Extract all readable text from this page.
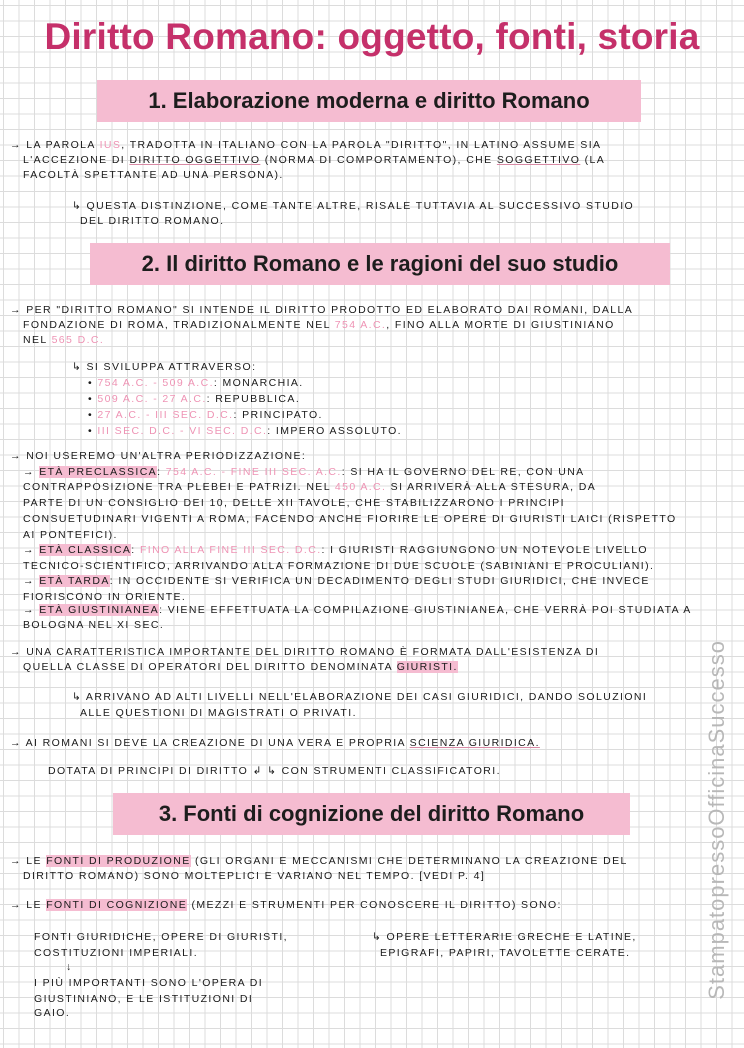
Diritto Romano: oggetto, fonti, storia
1. Elaborazione moderna e diritto Romano
2. Il diritto Romano e le ragioni del suo studio
3. Fonti di cognizione del diritto Romano	StampatopressoOfficinaSuccesso
→ LA PAROLA IUS, TRADOTTA IN ITALIANO CON LA PAROLA "DIRITTO", IN LATINO ASSUME SIA
L'ACCEZIONE DI DIRITTO OGGETTIVO (NORMA DI COMPORTAMENTO), CHE SOGGETTIVO (LA
FACOLTÀ SPETTANTE AD UNA PERSONA).
↳ QUESTA DISTINZIONE, COME TANTE ALTRE, RISALE TUTTAVIA AL SUCCESSIVO STUDIO
DEL DIRITTO ROMANO.
→ PER "DIRITTO ROMANO" SI INTENDE IL DIRITTO PRODOTTO ED ELABORATO DAI ROMANI, DALLA
FONDAZIONE DI ROMA, TRADIZIONALMENTE NEL 754 A.C., FINO ALLA MORTE DI GIUSTINIANO
NEL 565 D.C.
↳ SI SVILUPPA ATTRAVERSO:
• 754 A.C. - 509 A.C.: MONARCHIA.
• 509 A.C. - 27 A.C.: REPUBBLICA.
• 27 A.C. - III SEC. D.C.: PRINCIPATO.
• III SEC. D.C. - VI SEC. D.C.: IMPERO ASSOLUTO.
→ NOI USEREMO UN'ALTRA PERIODIZZAZIONE:
→ ETÀ PRECLASSICA: 754 A.C. - FINE III SEC. A.C.: SI HA IL GOVERNO DEL RE, CON UNA
CONTRAPPOSIZIONE TRA PLEBEI E PATRIZI. NEL 450 A.C. SI ARRIVERÀ ALLA STESURA, DA
PARTE DI UN CONSIGLIO DEI 10, DELLE XII TAVOLE, CHE STABILIZZARONO I PRINCIPI
CONSUETUDINARI VIGENTI A ROMA, FACENDO ANCHE FIORIRE LE OPERE DI GIURISTI LAICI (RISPETTO
AI PONTEFICI).
→ ETÀ CLASSICA: FINO ALLA FINE III SEC. D.C.: I GIURISTI RAGGIUNGONO UN NOTEVOLE LIVELLO
TECNICO-SCIENTIFICO, ARRIVANDO ALLA FORMAZIONE DI DUE SCUOLE (SABINIANI E PROCULIANI).
→ ETÀ TARDA: IN OCCIDENTE SI VERIFICA UN DECADIMENTO DEGLI STUDI GIURIDICI, CHE INVECE
FIORISCONO IN ORIENTE.
→ ETÀ GIUSTINIANEA: VIENE EFFETTUATA LA COMPILAZIONE GIUSTINIANEA, CHE VERRÀ POI STUDIATA A
BOLOGNA NEL XI SEC.
→ UNA CARATTERISTICA IMPORTANTE DEL DIRITTO ROMANO È FORMATA DALL'ESISTENZA DI
QUELLA CLASSE DI OPERATORI DEL DIRITTO DENOMINATA GIURISTI.
↳ ARRIVANO AD ALTI LIVELLI NELL'ELABORAZIONE DEI CASI GIURIDICI, DANDO SOLUZIONI
ALLE QUESTIONI DI MAGISTRATI O PRIVATI.
→ AI ROMANI SI DEVE LA CREAZIONE DI UNA VERA E PROPRIA SCIENZA GIURIDICA.
DOTATA DI PRINCIPI DI DIRITTO ↲ ↳ CON STRUMENTI CLASSIFICATORI.
→ LE FONTI DI PRODUZIONE (GLI ORGANI E MECCANISMI CHE DETERMINANO LA CREAZIONE DEL
DIRITTO ROMANO) SONO MOLTEPLICI E VARIANO NEL TEMPO. [VEDI P. 4]
→ LE FONTI DI COGNIZIONE (MEZZI E STRUMENTI PER CONOSCERE IL DIRITTO) SONO:
FONTI GIURIDICHE, OPERE DI GIURISTI,
COSTITUZIONI IMPERIALI.
↓
I PIÙ IMPORTANTI SONO L'OPERA DI
GIUSTINIANO, E LE ISTITUZIONI DI
GAIO.
↳ OPERE LETTERARIE GRECHE E LATINE,
EPIGRAFI, PAPIRI, TAVOLETTE CERATE.
